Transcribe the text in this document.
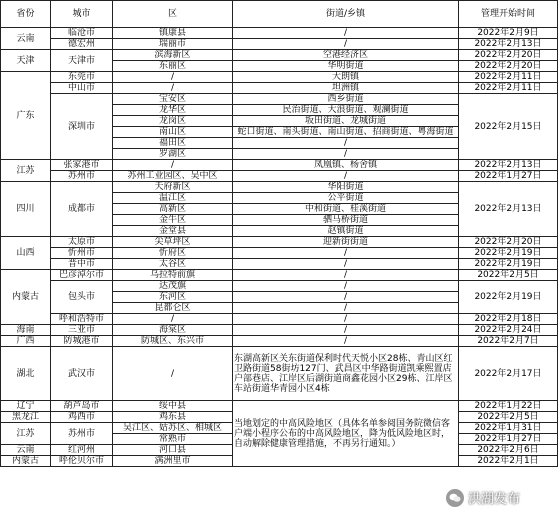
省份	城市	区	街道/乡镇	管理开始时间
云南	临沧市	镇康县	/	2022年2月9日
	德宏州	瑞丽市	/	2022年2月13日
天津	天津市	滨海新区	空港经济区	2022年2月20日
		东丽区	华明街道	2022年2月20日
广东	东莞市	/	大朗镇	2022年2月11日
	中山市	/	坦洲镇	2022年2月11日
	深圳市	宝安区	西乡街道	2022年2月15日
		龙华区	民治街道、大浪街道、观澜街道	
		龙岗区	坂田街道、龙城街道	
		南山区	蛇口街道、南头街道、南山街道、招商街道、粤海街道	
		福田区	/	
		罗湖区	/	
江苏	张家港市	/	凤凰镇、杨舍镇	2022年2月13日
	苏州市	苏州工业园区、吴中区	/	2022年1月27日
四川	成都市	天府新区	华阳街道	2022年2月13日
		温江区	公平街道	
		高新区	中和街道、桂溪街道	
		金牛区	驷马桥街道	
		金堂县	赵镇街道	
山西	太原市	尖草坪区	迎新街街道	2022年2月20日
	忻州市	忻府区	/	2022年2月19日
	晋中市	太谷区	/	2022年2月19日
内蒙古	巴彦淖尔市	乌拉特前旗	/	2022年2月5日
	包头市	达茂旗	/	2022年2月19日
		东河区	/	
		昆都仑区	/	
	呼和浩特市	/	/	2022年2月18日
海南	三亚市	海棠区	/	2022年2月24日
广西	防城港市	防城区、东兴市	/	2022年2月7日
湖北	武汉市	/	东湖高新区关东街道保利时代天悦小区28栋、青山区红卫路街道58街坊127门、武昌区中华路街道凯乘熙置店户部巷店、江岸区后湖街道商鑫花园小区29栋、江岸区车站街道华青园小区4栋	2022年2月17日
辽宁	葫芦岛市	绥中县	当地划定的中高风险地区（具体名单参阅国务院微信客户端小程序公布的中高风险地区，降为低风险地区时，自动解除健康管理措施，不再另行通知。）	2022年1月22日
黑龙江	鸡西市	鸡东县		2022年2月5日
江苏	苏州市	吴江区、姑苏区、相城区		2022年1月31日
		常熟市		2022年1月27日
云南	红河州	河口县		2022年2月6日
内蒙古	呼伦贝尔市	满洲里市		2022年2月1日
洪湖发布
